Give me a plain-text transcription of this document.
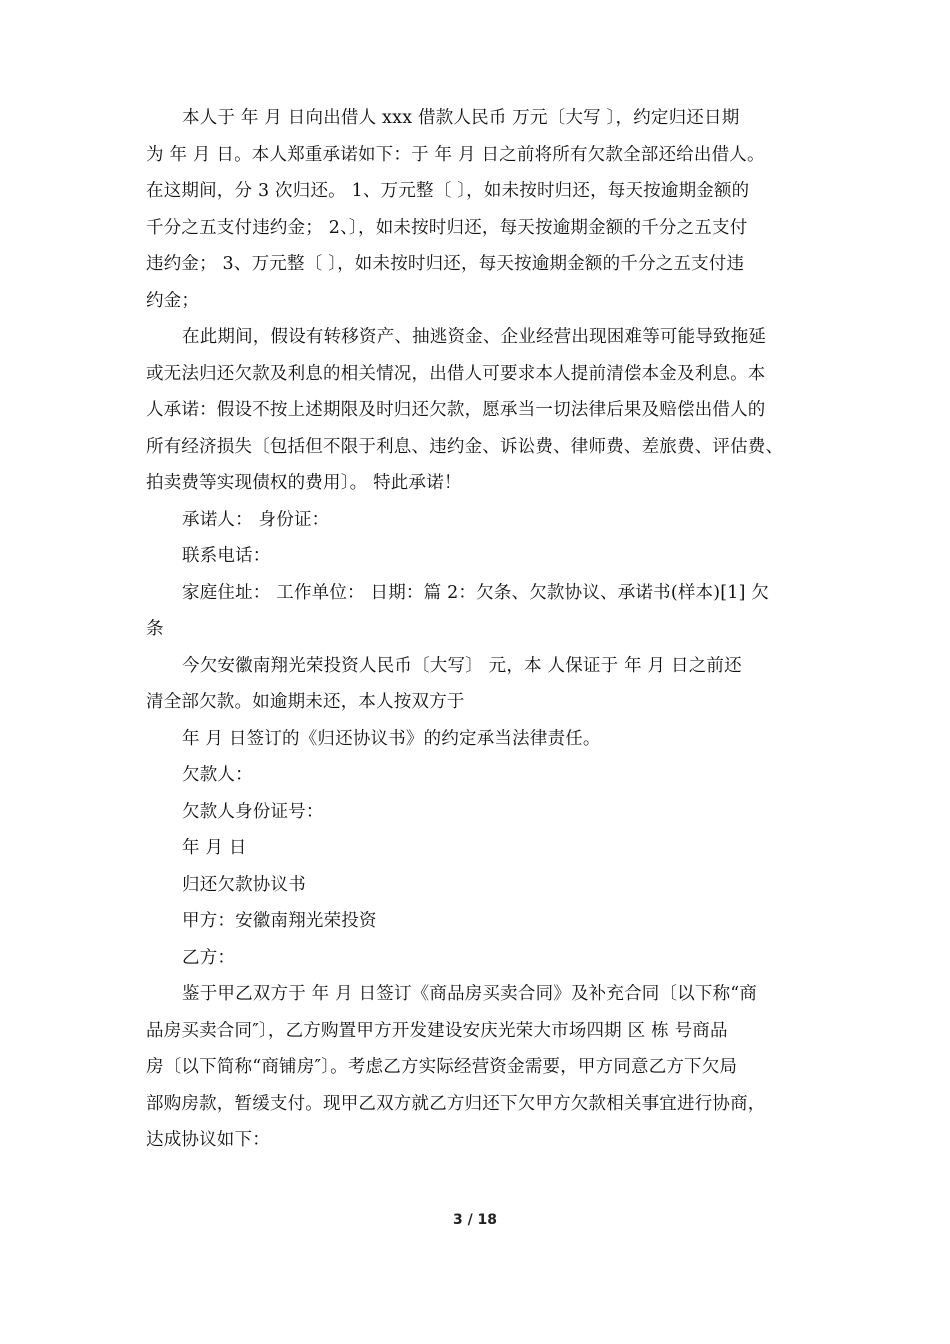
本人于 年 月 日向出借人 xxx 借款人民币 万元〔大写 〕，约定归还日期
为 年 月 日。本人郑重承诺如下：于 年 月 日之前将所有欠款全部还给出借人。
在这期间，分 3 次归还。 1、万元整〔 〕，如未按时归还，每天按逾期金额的
千分之五支付违约金； 2、〕，如未按时归还，每天按逾期金额的千分之五支付
违约金； 3、万元整〔 〕，如未按时归还，每天按逾期金额的千分之五支付违
约金；
在此期间，假设有转移资产、抽逃资金、企业经营出现困难等可能导致拖延
或无法归还欠款及利息的相关情况，出借人可要求本人提前清偿本金及利息。本
人承诺：假设不按上述期限及时归还欠款，愿承当一切法律后果及赔偿出借人的
所有经济损失〔包括但不限于利息、违约金、诉讼费、律师费、差旅费、评估费、
拍卖费等实现债权的费用〕。 特此承诺！
承诺人： 身份证：
联系电话：
家庭住址： 工作单位： 日期：篇 2：欠条、欠款协议、承诺书(样本)[1] 欠
条
今欠安徽南翔光荣投资人民币〔大写〕 元，本 人保证于 年 月 日之前还
清全部欠款。如逾期未还，本人按双方于
年 月 日签订的《归还协议书》的约定承当法律责任。
欠款人：
欠款人身份证号：
年 月 日
归还欠款协议书
甲方：安徽南翔光荣投资
乙方：
鉴于甲乙双方于 年 月 日签订《商品房买卖合同》及补充合同〔以下称“商
品房买卖合同″〕，乙方购置甲方开发建设安庆光荣大市场四期 区 栋 号商品
房〔以下简称“商铺房″〕。考虑乙方实际经营资金需要，甲方同意乙方下欠局
部购房款，暂缓支付。现甲乙双方就乙方归还下欠甲方欠款相关事宜进行协商，
达成协议如下：
3 / 18
